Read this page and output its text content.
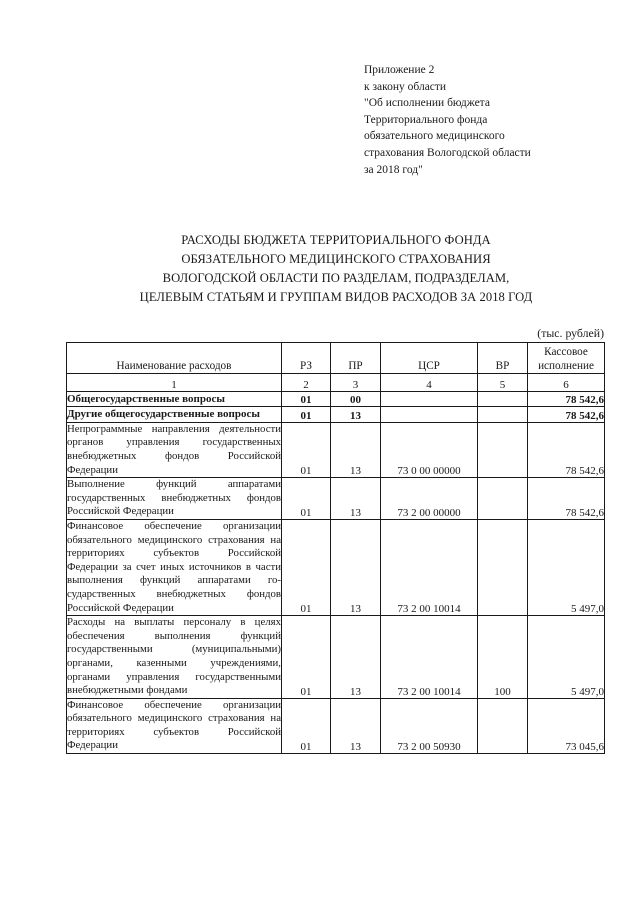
Приложение 2
к закону области
"Об исполнении бюджета
Территориального фонда
обязательного медицинского
страхования Вологодской области
за 2018 год"
РАСХОДЫ БЮДЖЕТА ТЕРРИТОРИАЛЬНОГО ФОНДА
ОБЯЗАТЕЛЬНОГО МЕДИЦИНСКОГО СТРАХОВАНИЯ
ВОЛОГОДСКОЙ ОБЛАСТИ ПО РАЗДЕЛАМ, ПОДРАЗДЕЛАМ,
ЦЕЛЕВЫМ СТАТЬЯМ И ГРУППАМ ВИДОВ РАСХОДОВ ЗА 2018 ГОД
(тыс. рублей)
Наименование расходов	РЗ	ПР	ЦСР	ВР	Кассовое
исполнение
1	2	3	4	5	6
Общегосударственные вопросы	01	00			78 542,6
Другие общегосударственные вопросы	01	13			78 542,6
Непрограммные направления деятельности органов управления государственных внебюджетных фондов Российской Федерации	01	13	73 0 00 00000		78 542,6
Выполнение функций аппаратами государственных внебюджетных фондов Российской Федерации	01	13	73 2 00 00000		78 542,6
Финансовое обеспечение организации обязательного медицинского страхования на территориях субъектов Российской Федерации за счет иных источников в части выполнения функций аппаратами государственных внебюджетных фондов Российской Федерации	01	13	73 2 00 10014		5 497,0
Расходы на выплаты персоналу в целях обеспечения выполнения функций государственными (муниципальными) органами, казенными учреждениями, органами управления государственными внебюджетными фондами	01	13	73 2 00 10014	100	5 497,0
Финансовое обеспечение организации обязательного медицинского страхования на территориях субъектов Российской Федерации	01	13	73 2 00 50930		73 045,6
